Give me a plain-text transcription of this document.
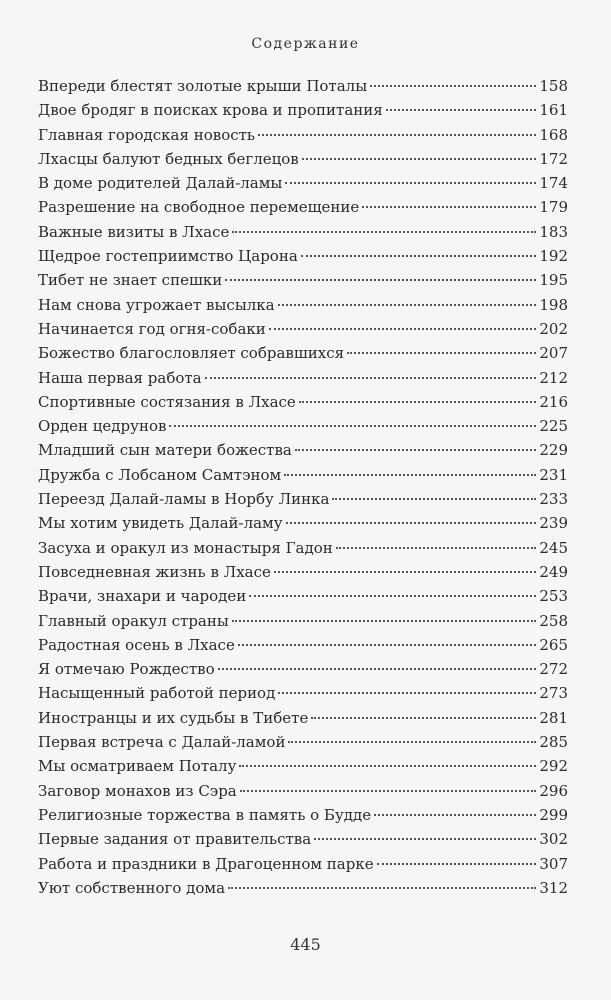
Содержание
Впереди блестят золотые крыши Поталы	158
Двое бродяг в поисках крова и пропитания	161
Главная городская новость	168
Лхасцы балуют бедных беглецов	172
В доме родителей Далай-ламы	174
Разрешение на свободное перемещение	179
Важные визиты в Лхасе	183
Щедрое гостеприимство Царона	192
Тибет не знает спешки	195
Нам снова угрожает высылка	198
Начинается год огня-собаки	202
Божество благословляет собравшихся	207
Наша первая работа	212
Спортивные состязания в Лхасе	216
Орден цедрунов	225
Младший сын матери божества	229
Дружба с Лобсаном Самтэном	231
Переезд Далай-ламы в Норбу Линка	233
Мы хотим увидеть Далай-ламу	239
Засуха и оракул из монастыря Гадон	245
Повседневная жизнь в Лхасе	249
Врачи, знахари и чародеи	253
Главный оракул страны	258
Радостная осень в Лхасе	265
Я отмечаю Рождество	272
Насыщенный работой период	273
Иностранцы и их судьбы в Тибете	281
Первая встреча с Далай-ламой	285
Мы осматриваем Поталу	292
Заговор монахов из Сэра	296
Религиозные торжества в память о Будде	299
Первые задания от правительства	302
Работа и праздники в Драгоценном парке	307
Уют собственного дома	312
445
